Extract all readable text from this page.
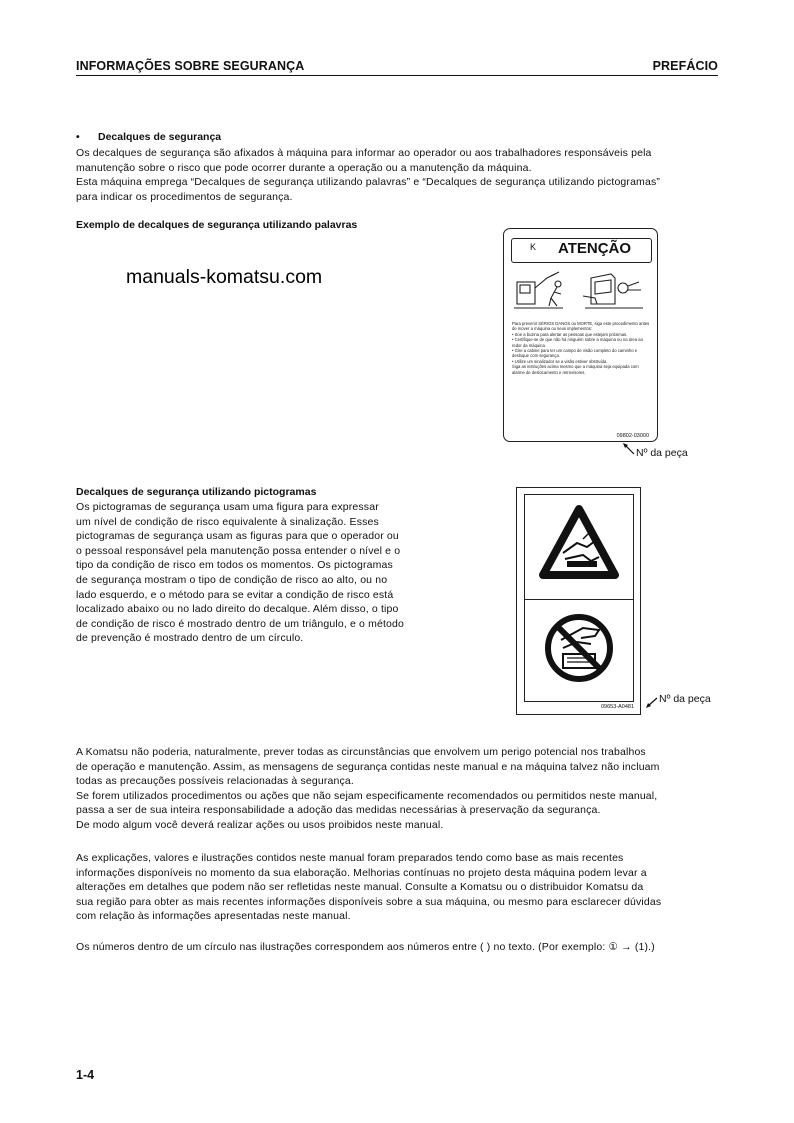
INFORMAÇÕES SOBRE SEGURANÇA	PREFÁCIO
• Decalques de segurança

Os decalques de segurança são afixados à máquina para informar ao operador ou aos trabalhadores responsáveis pela

manutenção sobre o risco que pode ocorrer durante a operação ou a manutenção da máquina.

Esta máquina emprega “Decalques de segurança utilizando palavras” e “Decalques de segurança utilizando pictogramas”

para indicar os procedimentos de segurança.

Exemplo de decalques de segurança utilizando palavras
manuals-komatsu.com
K ATENÇÃO
Para prevenir SÉRIOS DANOS ou MORTE, siga este procedimento antes de mover a máquina ou seus implementos:
• Soe a buzina para alertar as pessoas que estejam próximas.
• Certifique-se de que não há ninguém sobre a máquina ou na área ao redor da máquina.
• Gire a cabine para ter um campo de visão completo do caminho e desloque com segurança.
• Utilize um sinalizador se a visão estiver obstruída.
Siga as instruções acima mesmo que a máquina seja equipada com alarme de deslocamento e retrovisores.
09802-03000
Nº da peça
Decalques de segurança utilizando pictogramas

Os pictogramas de segurança usam uma figura para expressar

um nível de condição de risco equivalente à sinalização. Esses

pictogramas de segurança usam as figuras para que o operador ou

o pessoal responsável pela manutenção possa entender o nível e o

tipo da condição de risco em todos os momentos. Os pictogramas

de segurança mostram o tipo de condição de risco ao alto, ou no

lado esquerdo, e o método para se evitar a condição de risco está

localizado abaixo ou no lado direito do decalque. Além disso, o tipo

de condição de risco é mostrado dentro de um triângulo, e o método

de prevenção é mostrado dentro de um círculo.

09653-A0481
Nº da peça

A Komatsu não poderia, naturalmente, prever todas as circunstâncias que envolvem um perigo potencial nos trabalhos

de operação e manutenção. Assim, as mensagens de segurança contidas neste manual e na máquina talvez não incluam

todas as precauções possíveis relacionadas à segurança.

Se forem utilizados procedimentos ou ações que não sejam especificamente recomendados ou permitidos neste manual,

passa a ser de sua inteira responsabilidade a adoção das medidas necessárias à preservação da segurança.

De modo algum você deverá realizar ações ou usos proibidos neste manual.

As explicações, valores e ilustrações contidos neste manual foram preparados tendo como base as mais recentes

informações disponíveis no momento da sua elaboração. Melhorias contínuas no projeto desta máquina podem levar a

alterações em detalhes que podem não ser refletidas neste manual. Consulte a Komatsu ou o distribuidor Komatsu da

sua região para obter as mais recentes informações disponíveis sobre a sua máquina, ou mesmo para esclarecer dúvidas

com relação às informações apresentadas neste manual.

Os números dentro de um círculo nas ilustrações correspondem aos números entre ( ) no texto. (Por exemplo: ① → (1).)
1-4
